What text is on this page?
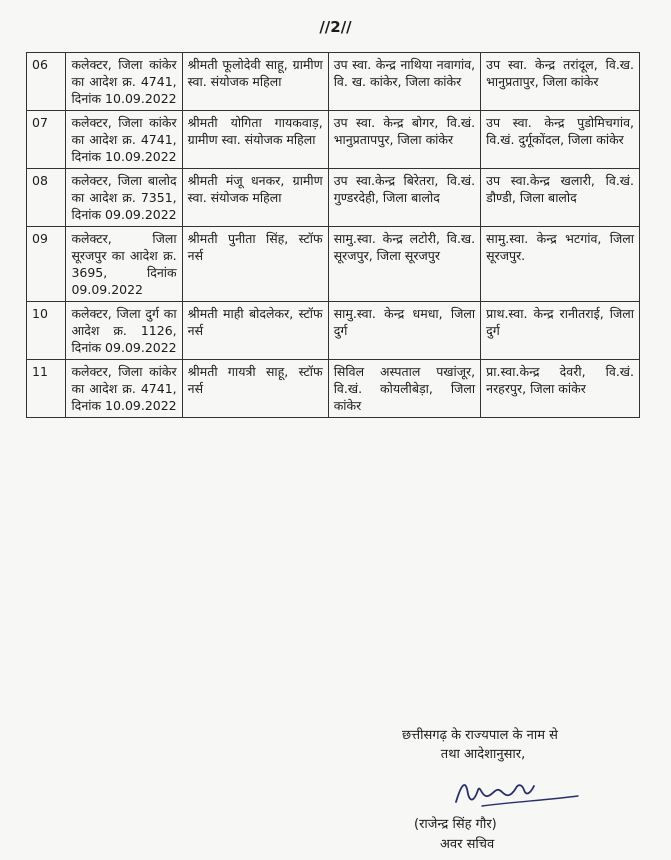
//2//
06	कलेक्टर, जिला कांकेर का आदेश क्र. 4741, दिनांक 10.09.2022	श्रीमती फूलोदेवी साहू, ग्रामीण स्वा. संयोजक महिला	उप स्वा. केन्द्र नाथिया नवागांव, वि. ख. कांकेर, जिला कांकेर	उप स्वा. केन्द्र तरांदूल, वि.ख. भानुप्रतापुर, जिला कांकेर

07	कलेक्टर, जिला कांकेर का आदेश क्र. 4741, दिनांक 10.09.2022	श्रीमती योगिता गायकवाड़, ग्रामीण स्वा. संयोजक महिला	उप स्वा. केन्द्र बोगर, वि.खं. भानुप्रतापपुर, जिला कांकेर	उप स्वा. केन्द्र पुडोमिचगांव, वि.खं. दुर्गूकोंदल, जिला कांकेर

08	कलेक्टर, जिला बालोद का आदेश क्र. 7351, दिनांक 09.09.2022	श्रीमती मंजू धनकर, ग्रामीण स्वा. संयोजक महिला	उप स्वा.केन्द्र बिरेतरा, वि.खं. गुण्डरदेही, जिला बालोद	उप स्वा.केन्द्र खलारी, वि.खं. डौण्डी, जिला बालोद

09	कलेक्टर, जिला सूरजपुर का आदेश क्र. 3695, दिनांक 09.09.2022	श्रीमती पुनीता सिंह, स्टॉफ नर्स	सामु.स्वा. केन्द्र लटोरी, वि.ख. सूरजपुर, जिला सूरजपुर	सामु.स्वा. केन्द्र भटगांव, जिला सूरजपुर.

10	कलेक्टर, जिला दुर्ग का आदेश क्र. 1126, दिनांक 09.09.2022	श्रीमती माही बोदलेकर, स्टॉफ नर्स	सामु.स्वा. केन्द्र धमधा, जिला दुर्ग	प्राथ.स्वा. केन्द्र रानीतराई, जिला दुर्ग

11	कलेक्टर, जिला कांकेर का आदेश क्र. 4741, दिनांक 10.09.2022	श्रीमती गायत्री साहू, स्टॉफ नर्स	सिविल अस्पताल पखांजूर, वि.खं. कोयलीबेड़ा, जिला कांकेर	प्रा.स्वा.केन्द्र देवरी, वि.खं. नरहरपुर, जिला कांकेर
छत्तीसगढ़ के राज्यपाल के नाम से
तथा आदेशानुसार,
(राजेन्द्र सिंह गौर)
अवर सचिव
